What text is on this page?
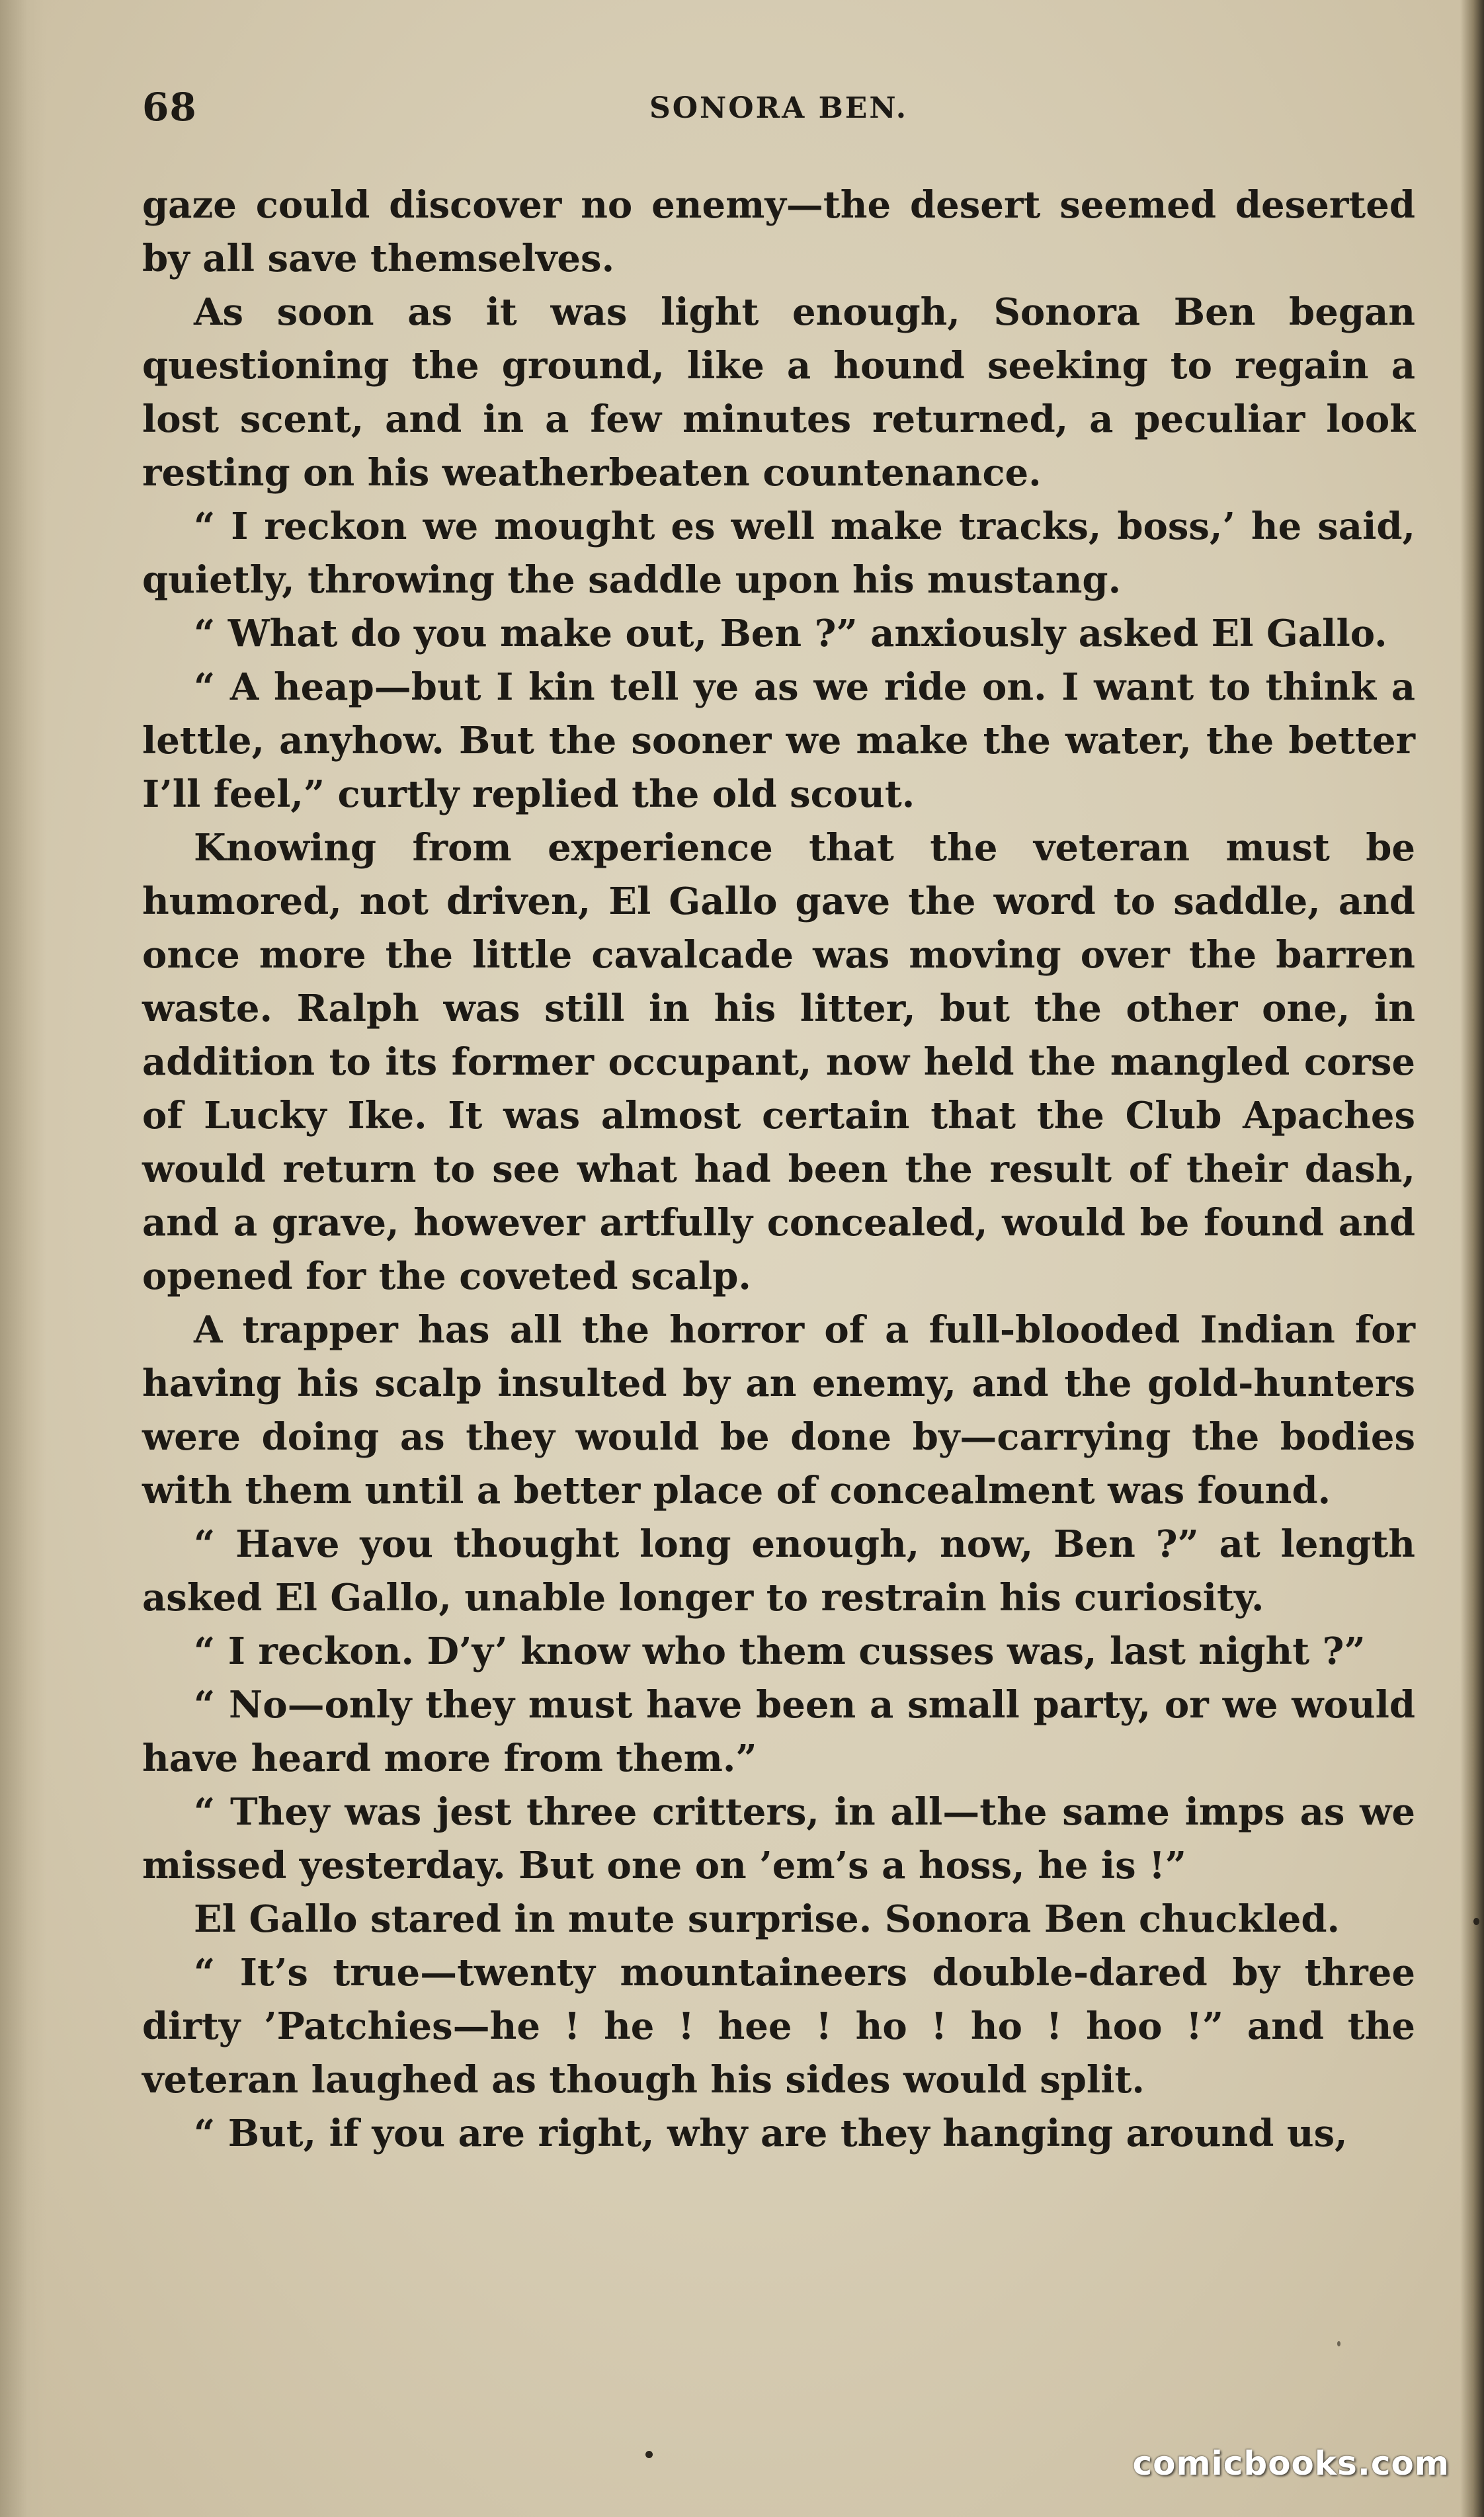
68	SONORA BEN.

gaze could discover no enemy—the desert seemed deserted by all save themselves.

As soon as it was light enough, Sonora Ben began questioning the ground, like a hound seeking to regain a lost scent, and in a few minutes returned, a peculiar look resting on his weatherbeaten countenance.

“ I reckon we mought es well make tracks, boss,’ he said, quietly, throwing the saddle upon his mustang.

“ What do you make out, Ben ?” anxiously asked El Gallo.

“ A heap—but I kin tell ye as we ride on. I want to think a lettle, anyhow. But the sooner we make the water, the better I’ll feel,” curtly replied the old scout.

Knowing from experience that the veteran must be humored, not driven, El Gallo gave the word to saddle, and once more the little cavalcade was moving over the barren waste. Ralph was still in his litter, but the other one, in addition to its former occupant, now held the mangled corse of Lucky Ike. It was almost certain that the Club Apaches would return to see what had been the result of their dash, and a grave, however artfully concealed, would be found and opened for the coveted scalp.

A trapper has all the horror of a full-blooded Indian for having his scalp insulted by an enemy, and the gold-hunters were doing as they would be done by—carrying the bodies with them until a better place of concealment was found.

“ Have you thought long enough, now, Ben ?” at length asked El Gallo, unable longer to restrain his curiosity.

“ I reckon. D’y’ know who them cusses was, last night ?”

“ No—only they must have been a small party, or we would have heard more from them.”

“ They was jest three critters, in all—the same imps as we missed yesterday. But one on ’em’s a hoss, he is !”

El Gallo stared in mute surprise. Sonora Ben chuckled.

“ It’s true—twenty mountaineers double-dared by three dirty ’Patchies—he ! he ! hee ! ho ! ho ! hoo !” and the veteran laughed as though his sides would split.

“ But, if you are right, why are they hanging around us,

comicbooks.com
